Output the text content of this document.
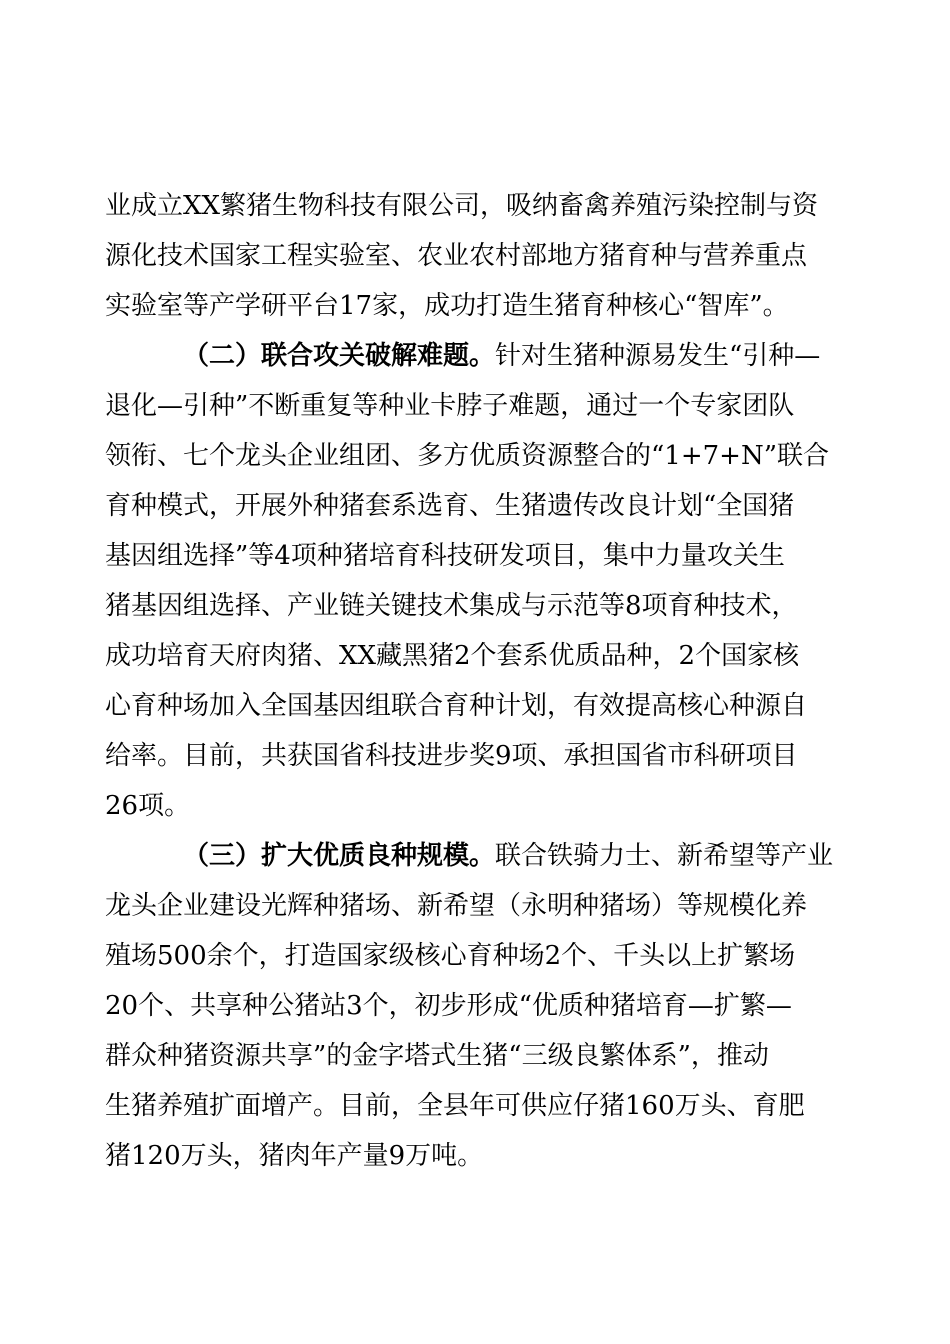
业成立XX繁猪生物科技有限公司，吸纳畜禽养殖污染控制与资
源化技术国家工程实验室、农业农村部地方猪育种与营养重点
实验室等产学研平台17家，成功打造生猪育种核心“智库”。
（二）联合攻关破解难题。针对生猪种源易发生“引种—
退化—引种”不断重复等种业卡脖子难题，通过一个专家团队
领衔、七个龙头企业组团、多方优质资源整合的“1+7+N”联合
育种模式，开展外种猪套系选育、生猪遗传改良计划“全国猪
基因组选择”等4项种猪培育科技研发项目，集中力量攻关生
猪基因组选择、产业链关键技术集成与示范等8项育种技术，
成功培育天府肉猪、XX藏黑猪2个套系优质品种，2个国家核
心育种场加入全国基因组联合育种计划，有效提高核心种源自
给率。目前，共获国省科技进步奖9项、承担国省市科研项目
26项。
（三）扩大优质良种规模。联合铁骑力士、新希望等产业
龙头企业建设光辉种猪场、新希望（永明种猪场）等规模化养
殖场500余个，打造国家级核心育种场2个、千头以上扩繁场
20个、共享种公猪站3个，初步形成“优质种猪培育—扩繁—
群众种猪资源共享”的金字塔式生猪“三级良繁体系”，推动
生猪养殖扩面增产。目前，全县年可供应仔猪160万头、育肥
猪120万头，猪肉年产量9万吨。
